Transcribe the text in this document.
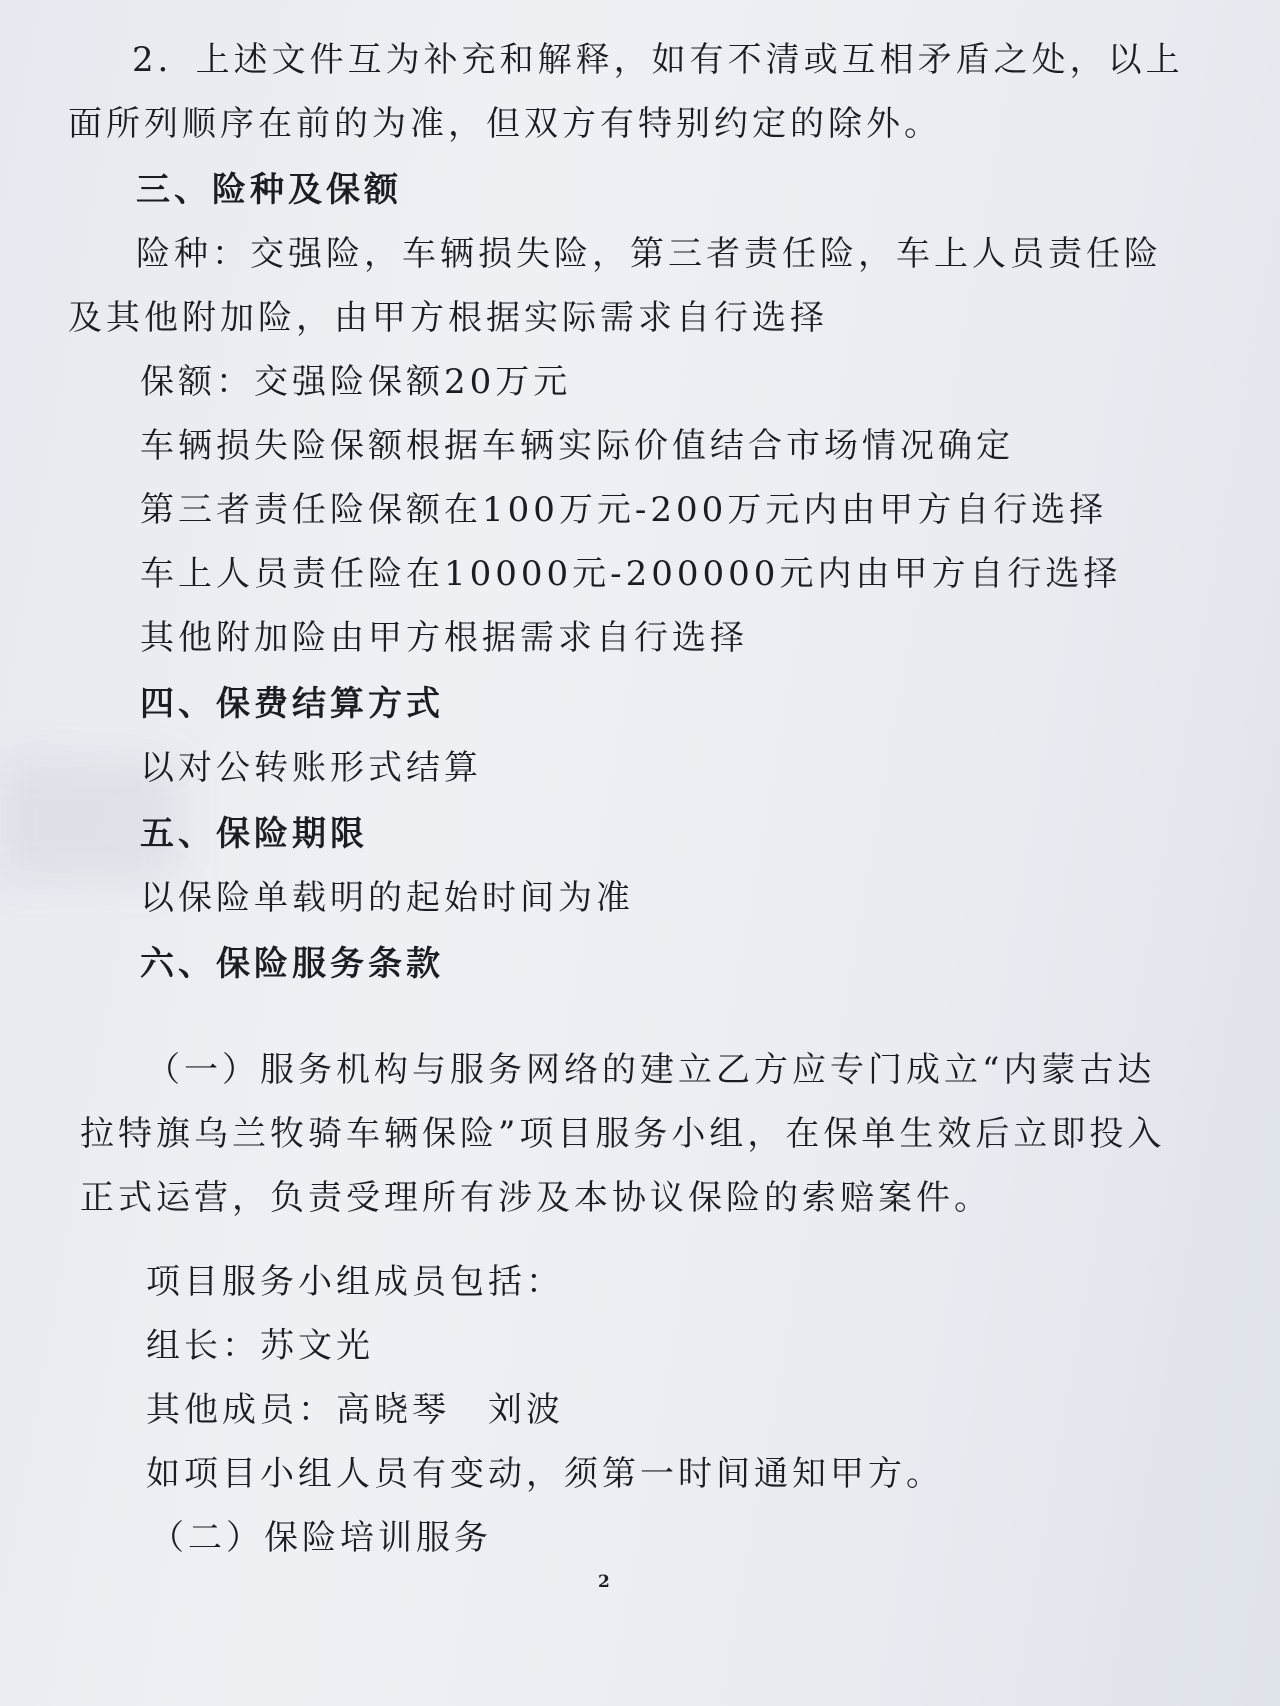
2．上述文件互为补充和解释，如有不清或互相矛盾之处，以上
面所列顺序在前的为准，但双方有特别约定的除外。
三、险种及保额
险种：交强险，车辆损失险，第三者责任险，车上人员责任险
及其他附加险，由甲方根据实际需求自行选择
保额：交强险保额20万元
车辆损失险保额根据车辆实际价值结合市场情况确定
第三者责任险保额在100万元-200万元内由甲方自行选择
车上人员责任险在10000元-200000元内由甲方自行选择
其他附加险由甲方根据需求自行选择
四、保费结算方式
以对公转账形式结算
五、保险期限
以保险单载明的起始时间为准
六、保险服务条款
（一）服务机构与服务网络的建立乙方应专门成立“内蒙古达
拉特旗乌兰牧骑车辆保险”项目服务小组，在保单生效后立即投入
正式运营，负责受理所有涉及本协议保险的索赔案件。
项目服务小组成员包括：
组长：苏文光
其他成员：高晓琴　刘波
如项目小组人员有变动，须第一时间通知甲方。
（二）保险培训服务
2
